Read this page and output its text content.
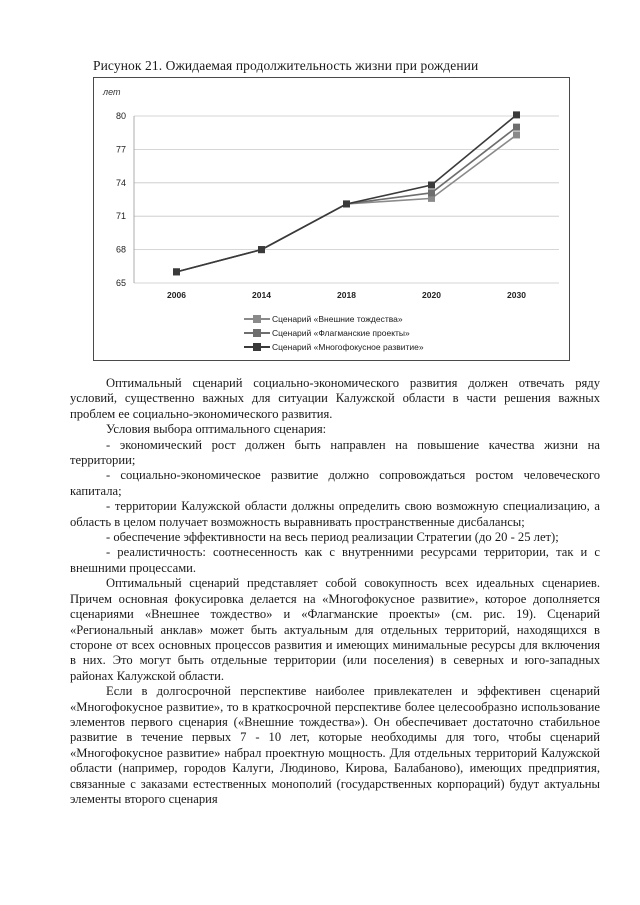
Рисунок 21. Ожидаемая продолжительность жизни при рождении
лет
65
68
71
74
77
80
2006	2014	2018	2020	2030
Сценарий «Внешние тождества»
Сценарий «Флагманские проекты»
Сценарий «Многофокусное развитие»

Оптимальный сценарий социально-экономического развития должен отвечать ряду условий, существенно важных для ситуации Калужской области в части решения важных проблем ее социально-экономического развития.

Условия выбора оптимального сценария:

- экономический рост должен быть направлен на повышение качества жизни на территории;

- социально-экономическое развитие должно сопровождаться ростом человеческого капитала;

- территории Калужской области должны определить свою возможную специализацию, а область в целом получает возможность выравнивать пространственные дисбалансы;

- обеспечение эффективности на весь период реализации Стратегии (до 20 - 25 лет);

- реалистичность: соотнесенность как с внутренними ресурсами территории, так и с внешними процессами.

Оптимальный сценарий представляет собой совокупность всех идеальных сценариев. Причем основная фокусировка делается на «Многофокусное развитие», которое дополняется сценариями «Внешнее тождество» и «Флагманские проекты» (см. рис. 19). Сценарий «Региональный анклав» может быть актуальным для отдельных территорий, находящихся в стороне от всех основных процессов развития и имеющих минимальные ресурсы для включения в них. Это могут быть отдельные территории (или поселения) в северных и юго-западных районах Калужской области.

Если в долгосрочной перспективе наиболее привлекателен и эффективен сценарий «Многофокусное развитие», то в краткосрочной перспективе более целесообразно использование элементов первого сценария («Внешние тождества»). Он обеспечивает достаточно стабильное развитие в течение первых 7 - 10 лет, которые необходимы для того, чтобы сценарий «Многофокусное развитие» набрал проектную мощность. Для отдельных территорий Калужской области (например, городов Калуги, Людиново, Кирова, Балабаново), имеющих предприятия, связанные с заказами естественных монополий (государственных корпораций) будут актуальны элементы второго сценария
